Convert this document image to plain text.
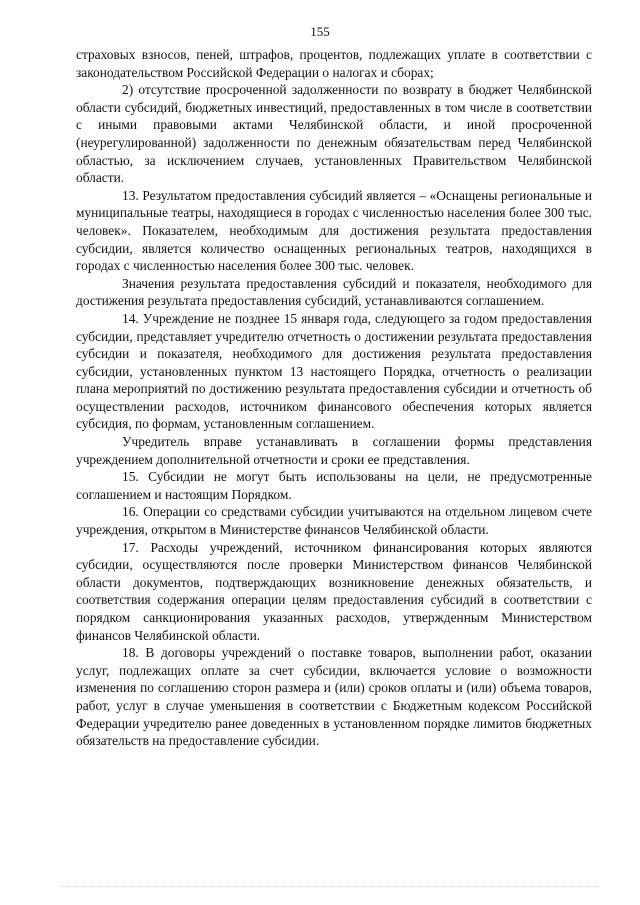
155

страховых взносов, пеней, штрафов, процентов, подлежащих уплате в соответствии с законодательством Российской Федерации о налогах и сборах;

2) отсутствие просроченной задолженности по возврату в бюджет Челябинской области субсидий, бюджетных инвестиций, предоставленных в том числе в соответствии с иными правовыми актами Челябинской области, и иной просроченной (неурегулированной) задолженности по денежным обязательствам перед Челябинской областью, за исключением случаев, установленных Правительством Челябинской области.

13. Результатом предоставления субсидий является – «Оснащены региональные и муниципальные театры, находящиеся в городах с численностью населения более 300 тыс. человек». Показателем, необходимым для достижения результата предоставления субсидии, является количество оснащенных региональных театров, находящихся в городах с численностью населения более 300 тыс. человек.

Значения результата предоставления субсидий и показателя, необходимого для достижения результата предоставления субсидий, устанавливаются соглашением.

14. Учреждение не позднее 15 января года, следующего за годом предоставления субсидии, представляет учредителю отчетность о достижении результата предоставления субсидии и показателя, необходимого для достижения результата предоставления субсидии, установленных пунктом 13 настоящего Порядка, отчетность о реализации плана мероприятий по достижению результата предоставления субсидии и отчетность об осуществлении расходов, источником финансового обеспечения которых является субсидия, по формам, установленным соглашением.

Учредитель вправе устанавливать в соглашении формы представления учреждением дополнительной отчетности и сроки ее представления.

15. Субсидии не могут быть использованы на цели, не предусмотренные соглашением и настоящим Порядком.

16. Операции со средствами субсидии учитываются на отдельном лицевом счете учреждения, открытом в Министерстве финансов Челябинской области.

17. Расходы учреждений, источником финансирования которых являются субсидии, осуществляются после проверки Министерством финансов Челябинской области документов, подтверждающих возникновение денежных обязательств, и соответствия содержания операции целям предоставления субсидий в соответствии с порядком санкционирования указанных расходов, утвержденным Министерством финансов Челябинской области.

18. В договоры учреждений о поставке товаров, выполнении работ, оказании услуг, подлежащих оплате за счет субсидии, включается условие о возможности изменения по соглашению сторон размера и (или) сроков оплаты и (или) объема товаров, работ, услуг в случае уменьшения в соответствии с Бюджетным кодексом Российской Федерации учредителю ранее доведенных в установленном порядке лимитов бюджетных обязательств на предоставление субсидии.
